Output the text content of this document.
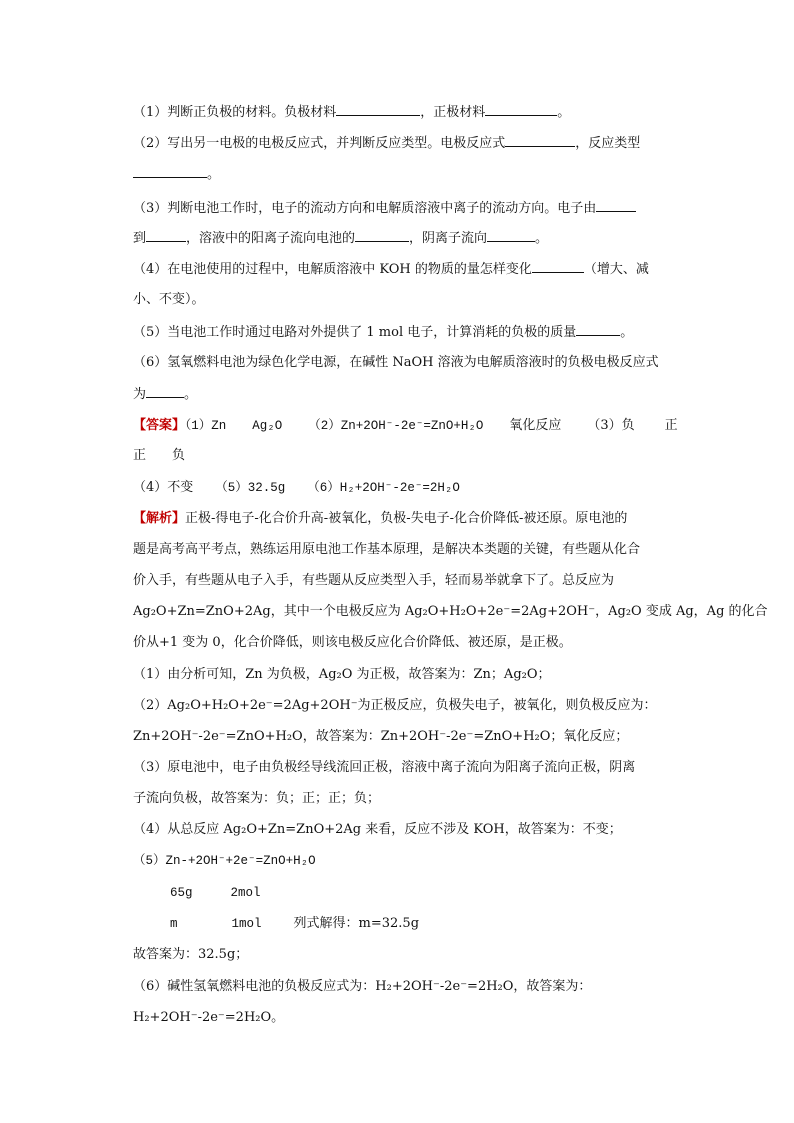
（1）判断正负极的材料。负极材料	，正极材料	。
（2）写出另一电极的电极反应式，并判断反应类型。电极反应式	，反应类型
。
（3）判断电池工作时，电子的流动方向和电解质溶液中离子的流动方向。电子由
到	，溶液中的阳离子流向电池的	，阴离子流向	。
（4）在电池使用的过程中，电解质溶液中 KOH 的物质的量怎样变化	（增大、减
小、不变）。
（5）当电池工作时通过电路对外提供了 1 mol 电子，计算消耗的负极的质量	。
（6）氢氧燃料电池为绿色化学电源，在碱性 NaOH 溶液为电解质溶液时的负极电极反应式
为	。
【答案】（1）Zn Ag₂O （2）Zn+2OH⁻-2e⁻=ZnO+H₂O 氧化反应 （3）负 正
正 负
（4）不变 （5）32.5g （6）H₂+2OH⁻-2e⁻=2H₂O
【解析】正极-得电子-化合价升高-被氧化，负极-失电子-化合价降低-被还原。原电池的
题是高考高平考点，熟练运用原电池工作基本原理，是解决本类题的关键，有些题从化合
价入手，有些题从电子入手，有些题从反应类型入手，轻而易举就拿下了。总反应为
Ag₂O+Zn=ZnO+2Ag，其中一个电极反应为 Ag₂O+H₂O+2e⁻=2Ag+2OH⁻，Ag₂O 变成 Ag，Ag 的化合
价从+1 变为 0，化合价降低，则该电极反应化合价降低、被还原，是正极。
（1）由分析可知，Zn 为负极，Ag₂O 为正极，故答案为：Zn；Ag₂O；
（2）Ag₂O+H₂O+2e⁻=2Ag+2OH⁻为正极反应，负极失电子，被氧化，则负极反应为：
Zn+2OH⁻-2e⁻=ZnO+H₂O，故答案为：Zn+2OH⁻-2e⁻=ZnO+H₂O；氧化反应；
（3）原电池中，电子由负极经导线流回正极，溶液中离子流向为阳离子流向正极，阴离
子流向负极，故答案为：负；正；正；负；
（4）从总反应 Ag₂O+Zn=ZnO+2Ag 来看，反应不涉及 KOH，故答案为：不变；
（5）Zn-+2OH⁻+2e⁻=ZnO+H₂O
65g	2mol
m	1mol 列式解得：m=32.5g
故答案为：32.5g；
（6）碱性氢氧燃料电池的负极反应式为：H₂+2OH⁻-2e⁻=2H₂O，故答案为：
H₂+2OH⁻-2e⁻=2H₂O。
